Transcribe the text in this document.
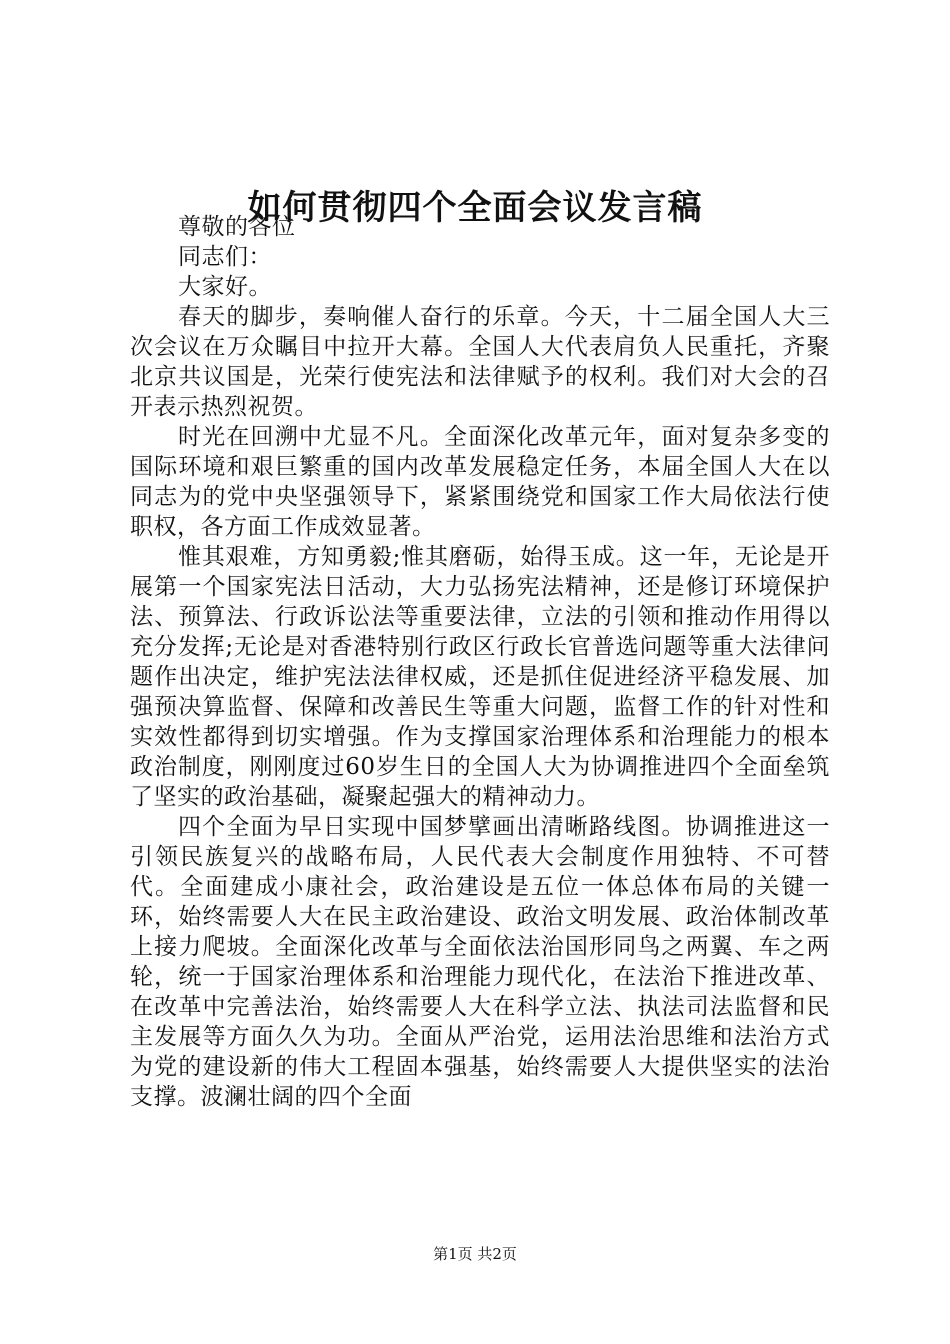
如何贯彻四个全面会议发言稿

尊敬的各位

同志们：

大家好。

春天的脚步，奏响催人奋行的乐章。今天，十二届全国人大三次会议在万众瞩目中拉开大幕。全国人大代表肩负人民重托，齐聚北京共议国是，光荣行使宪法和法律赋予的权利。我们对大会的召开表示热烈祝贺。

时光在回溯中尤显不凡。全面深化改革元年，面对复杂多变的国际环境和艰巨繁重的国内改革发展稳定任务，本届全国人大在以同志为的党中央坚强领导下，紧紧围绕党和国家工作大局依法行使职权，各方面工作成效显著。

惟其艰难，方知勇毅;惟其磨砺，始得玉成。这一年，无论是开展第一个国家宪法日活动，大力弘扬宪法精神，还是修订环境保护法、预算法、行政诉讼法等重要法律，立法的引领和推动作用得以充分发挥;无论是对香港特别行政区行政长官普选问题等重大法律问题作出决定，维护宪法法律权威，还是抓住促进经济平稳发展、加强预决算监督、保障和改善民生等重大问题，监督工作的针对性和实效性都得到切实增强。作为支撑国家治理体系和治理能力的根本政治制度，刚刚度过60岁生日的全国人大为协调推进四个全面垒筑了坚实的政治基础，凝聚起强大的精神动力。

四个全面为早日实现中国梦擘画出清晰路线图。协调推进这一引领民族复兴的战略布局，人民代表大会制度作用独特、不可替代。全面建成小康社会，政治建设是五位一体总体布局的关键一环，始终需要人大在民主政治建设、政治文明发展、政治体制改革上接力爬坡。全面深化改革与全面依法治国形同鸟之两翼、车之两轮，统一于国家治理体系和治理能力现代化，在法治下推进改革、在改革中完善法治，始终需要人大在科学立法、执法司法监督和民主发展等方面久久为功。全面从严治党，运用法治思维和法治方式为党的建设新的伟大工程固本强基，始终需要人大提供坚实的法治支撑。波澜壮阔的四个全面

第1页 共2页
